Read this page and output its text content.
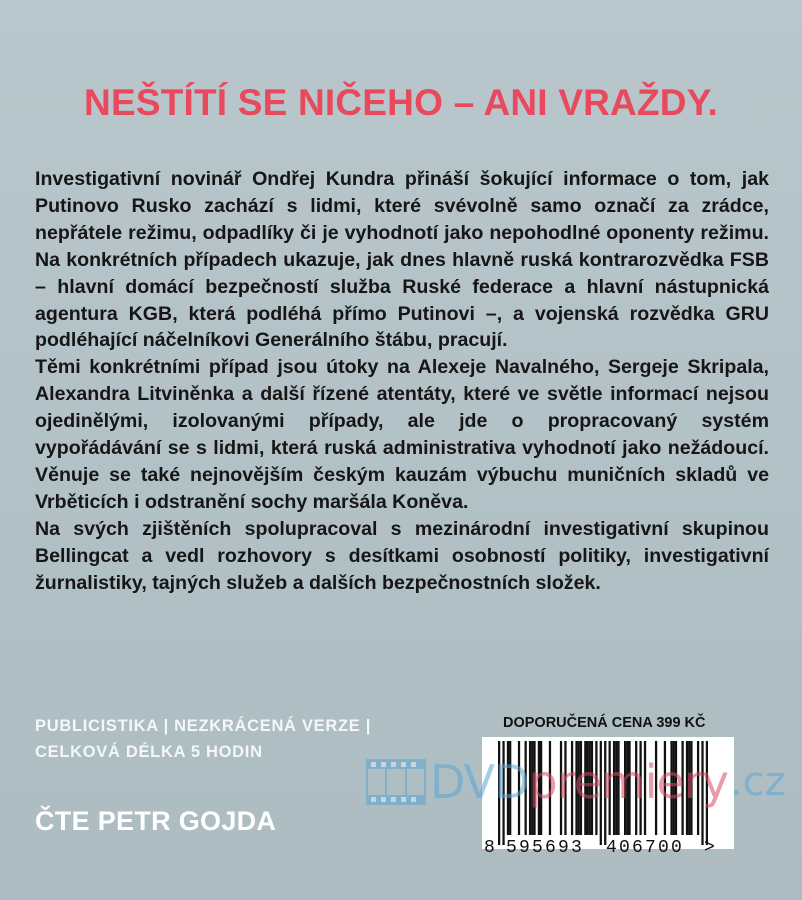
NEŠTÍTÍ SE NIČEHO – ANI VRAŽDY.

Investigativní novinář Ondřej Kundra přináší šokující informace o tom, jak Putinovo Rusko zachází s lidmi, které svévolně samo označí za zrádce, nepřátele režimu, odpadlíky či je vyhodnotí jako nepohodlné oponenty režimu. Na konkrétních případech ukazuje, jak dnes hlavně ruská kontrarozvědka FSB – hlavní domácí bezpečností služba Ruské federace a hlavní nástupnická agentura KGB, která podléhá přímo Putinovi –, a vojenská rozvědka GRU podléhající náčelníkovi Generálního štábu, pracují.

Těmi konkrétními případ jsou útoky na Alexeje Navalného, Sergeje Skripala, Alexandra Litviněnka a další řízené atentáty, které ve světle informací nejsou ojedinělými, izolovanými případy, ale jde o propracovaný systém vypořádávání se s lidmi, která ruská administrativa vyhodnotí jako nežádoucí. Věnuje se také nejnovějším českým kauzám výbuchu muničních skladů ve Vrběticích i odstranění sochy maršála Koněva.

Na svých zjištěních spolupracoval s mezinárodní investigativní skupinou Bellingcat a vedl rozhovory s desítkami osobností politiky, investigativní žurnalistiky, tajných služeb a dalších bezpečnostních složek.

PUBLICISTIKA | NEZKRÁCENÁ VERZE |
CELKOVÁ DÉLKA 5 HODIN
ČTE PETR GOJDA
DOPORUČENÁ CENA 399 KČ
8 595693 406700 >
DVD premiery .cz
